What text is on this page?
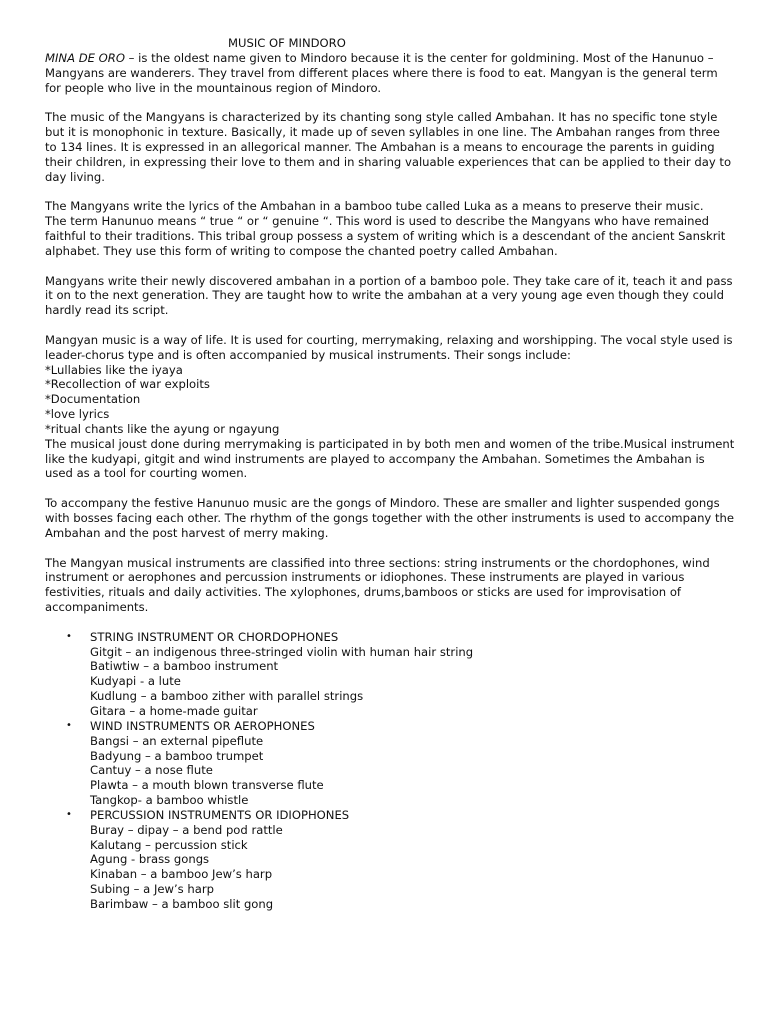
MUSIC OF MINDORO

MINA DE ORO – is the oldest name given to Mindoro because it is the center for goldmining. Most of the Hanunuo – Mangyans are wanderers. They travel from different places where there is food to eat. Mangyan is the general term for people who live in the mountainous region of Mindoro.

The music of the Mangyans is characterized by its chanting song style called Ambahan. It has no specific tone style but it is monophonic in texture. Basically, it made up of seven syllables in one line. The Ambahan ranges from three to 134 lines. It is expressed in an allegorical manner. The Ambahan is a means to encourage the parents in guiding their children, in expressing their love to them and in sharing valuable experiences that can be applied to their day to day living.

The Mangyans write the lyrics of the Ambahan in a bamboo tube called Luka as a means to preserve their music.

The term Hanunuo means “ true “ or “ genuine “. This word is used to describe the Mangyans who have remained faithful to their traditions. This tribal group possess a system of writing which is a descendant of the ancient Sanskrit alphabet. They use this form of writing to compose the chanted poetry called Ambahan.

Mangyans write their newly discovered ambahan in a portion of a bamboo pole. They take care of it, teach it and pass it on to the next generation. They are taught how to write the ambahan at a very young age even though they could hardly read its script.

Mangyan music is a way of life. It is used for courting, merrymaking, relaxing and worshipping. The vocal style used is leader-chorus type and is often accompanied by musical instruments. Their songs include:

*Lullabies like the iyaya

*Recollection of war exploits

*Documentation

*love lyrics

*ritual chants like the ayung or ngayung

The musical joust done during merrymaking is participated in by both men and women of the tribe.Musical instrument like the kudyapi, gitgit and wind instruments are played to accompany the Ambahan. Sometimes the Ambahan is used as a tool for courting women.

To accompany the festive Hanunuo music are the gongs of Mindoro. These are smaller and lighter suspended gongs with bosses facing each other. The rhythm of the gongs together with the other instruments is used to accompany the Ambahan and the post harvest of merry making.

The Mangyan musical instruments are classified into three sections: string instruments or the chordophones, wind instrument or aerophones and percussion instruments or idiophones. These instruments are played in various festivities, rituals and daily activities. The xylophones, drums,bamboos or sticks are used for improvisation of accompaniments.

• STRING INSTRUMENT OR CHORDOPHONES
Gitgit – an indigenous three-stringed violin with human hair string
Batiwtiw – a bamboo instrument
Kudyapi - a lute
Kudlung – a bamboo zither with parallel strings
Gitara – a home-made guitar
• WIND INSTRUMENTS OR AEROPHONES
Bangsi – an external pipeflute
Badyung – a bamboo trumpet
Cantuy – a nose flute
Plawta – a mouth blown transverse flute
Tangkop- a bamboo whistle
• PERCUSSION INSTRUMENTS OR IDIOPHONES
Buray – dipay – a bend pod rattle
Kalutang – percussion stick
Agung - brass gongs
Kinaban – a bamboo Jew’s harp
Subing – a Jew’s harp
Barimbaw – a bamboo slit gong
